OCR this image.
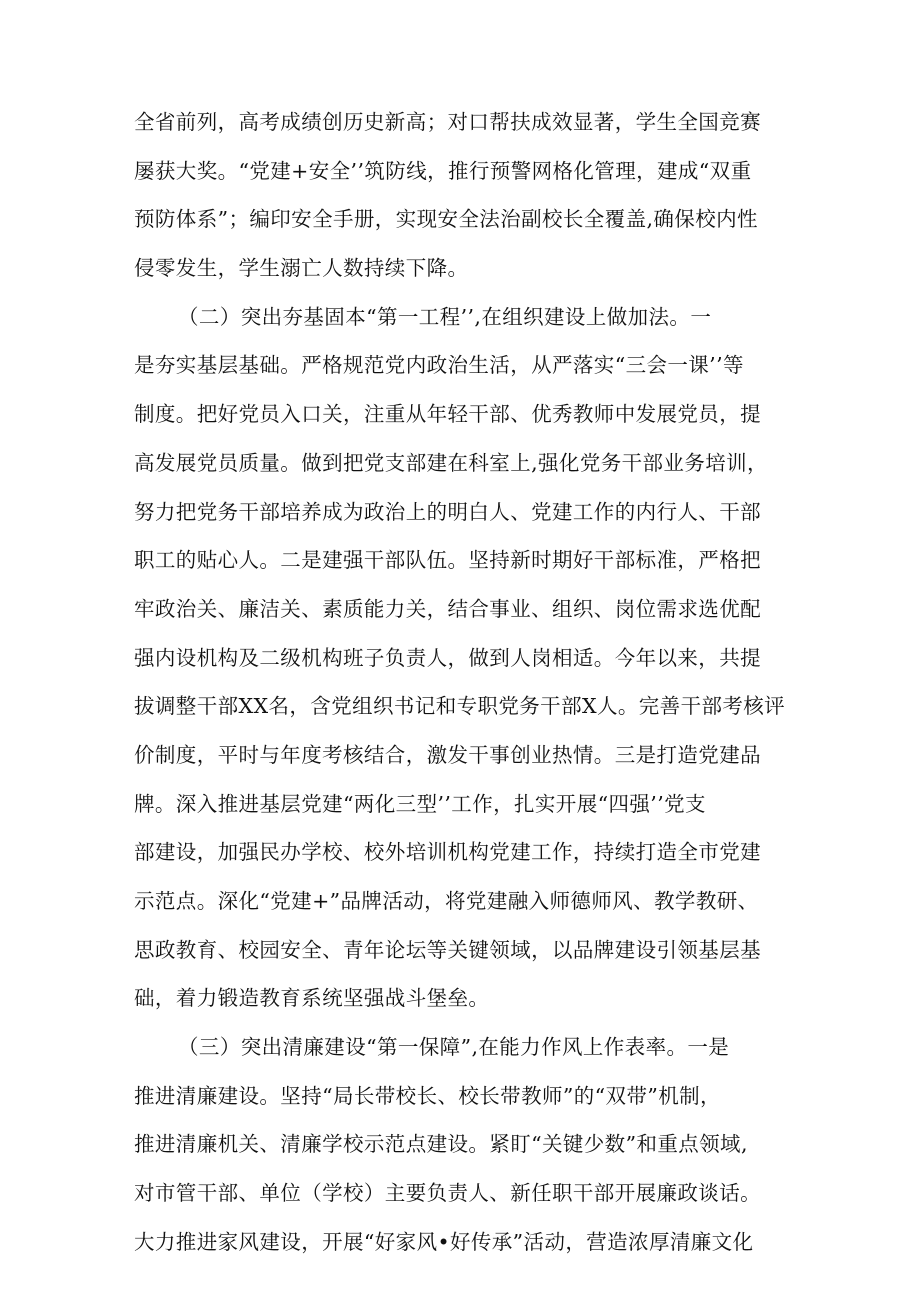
全省前列，高考成绩创历史新高；对口帮扶成效显著，学生全国竞赛
屡获大奖。“党建+安全’’筑防线，推行预警网格化管理，建成“双重
预防体系”；编印安全手册，实现安全法治副校长全覆盖,确保校内性
侵零发生，学生溺亡人数持续下降。
（二）突出夯基固本“第一工程’’,在组织建设上做加法。一
是夯实基层基础。严格规范党内政治生活，从严落实“三会一课’’等
制度。把好党员入口关，注重从年轻干部、优秀教师中发展党员，提
高发展党员质量。做到把党支部建在科室上,强化党务干部业务培训，
努力把党务干部培养成为政治上的明白人、党建工作的内行人、干部
职工的贴心人。二是建强干部队伍。坚持新时期好干部标准，严格把
牢政治关、廉洁关、素质能力关，结合事业、组织、岗位需求选优配
强内设机构及二级机构班子负责人，做到人岗相适。今年以来，共提
拔调整干部XX名，含党组织书记和专职党务干部X人。完善干部考核评
价制度，平时与年度考核结合，激发干事创业热情。三是打造党建品
牌。深入推进基层党建“两化三型’’工作，扎实开展“四强’’党支
部建设，加强民办学校、校外培训机构党建工作，持续打造全市党建
示范点。深化“党建+”品牌活动，将党建融入师德师风、教学教研、
思政教育、校园安全、青年论坛等关键领域，以品牌建设引领基层基
础，着力锻造教育系统坚强战斗堡垒。
（三）突出清廉建设“第一保障”,在能力作风上作表率。一是
推进清廉建设。坚持“局长带校长、校长带教师”的“双带”机制，
推进清廉机关、清廉学校示范点建设。紧盯“关键少数”和重点领域,
对市管干部、单位（学校）主要负责人、新任职干部开展廉政谈话。
大力推进家风建设，开展“好家风•好传承”活动，营造浓厚清廉文化
